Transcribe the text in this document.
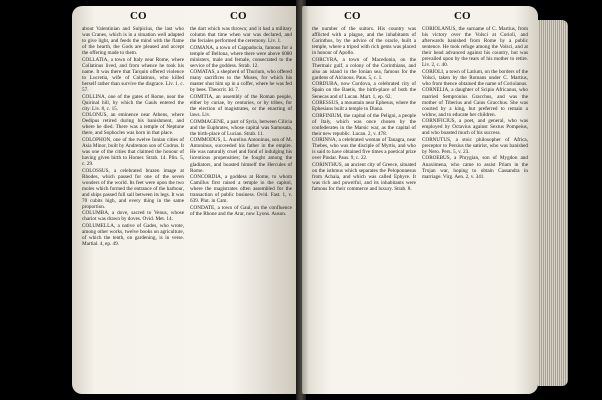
CO	CO

about Valentinian and Sulpicius, the last who was Cranes, which is in a situation well adapted to give light, and feeds the mind with the flame of the hearth, the Gods are pleased and accept the offering made to them.

COLLATIA, a town of Italy near Rome, where Collatinus lived, and from whence he took his name. It was there that Tarquin offered violence to Lucretia, wife of Collatinus, who killed herself rather than survive the disgrace. Liv. 1. c. 57.

COLLINA, one of the gates of Rome, near the Quirinal hill, by which the Gauls entered the city. Liv. 8, c. 15.

COLONUS, an eminence near Athens, where Oedipus retired during his banishment, and where he died. There was a temple of Neptune there, and Sophocles was born in that place.

COLOPHON, one of the twelve Ionian cities of Asia Minor, built by Andremon son of Codrus. It was one of the cities that claimed the honour of having given birth to Homer. Strab. 14. Plin. 5, c. 29.

COLOSSUS, a celebrated brazen image at Rhodes, which passed for one of the seven wonders of the world. Its feet were upon the two moles which formed the entrance of the harbour, and ships passed full sail between its legs. It was 70 cubits high, and every thing in the same proportion.

COLUMBA, a dove, sacred to Venus, whose chariot was drawn by doves. Ovid. Met. 14.

COLUMELLA, a native of Gades, who wrote, among other works, twelve books on agriculture, of which the tenth, on gardening, is in verse. Martial. 4, ep. 49.

the dart which was thrown; and it had a military column that time when war was declared, and the feciales performed the ceremony. Liv. 1.

COMANA, a town of Cappadocia, famous for a temple of Bellona, where there were above 6000 ministers, male and female, consecrated to the service of the goddess. Strab. 12.

COMATAS, a shepherd of Thurium, who offered many sacrifices to the Muses, for which his master shut him up in a coffer, where he was fed by bees. Theocrit. Id. 7.

COMITIA, an assembly of the Roman people, either by curiae, by centuries, or by tribes, for the election of magistrates, or the enacting of laws. Liv.

COMMAGENE, a part of Syria, between Cilicia and the Euphrates, whose capital was Samosata, the birth-place of Lucian. Strab. 11.

COMMODUS, L. Aurelius Antoninus, son of M. Antoninus, succeeded his father in the empire. He was naturally cruel and fond of indulging his licentious propensities; he fought among the gladiators, and boasted himself the Hercules of Rome.

CONCORDIA, a goddess at Rome, to whom Camillus first raised a temple in the capitol, where the magistrates often assembled for the transaction of public business. Ovid. Fast. 1, v. 639. Plut. in Cam.

CONDATE, a town of Gaul, on the confluence of the Rhone and the Arar, now Lyons. Auson.

CO	CO

the number of the suitors. His country was afflicted with a plague, and the inhabitants of Corinthus, by the advice of the oracle, built a temple, where a tripod with rich gems was placed in honour of Apollo.

CORCYRA, a town of Macedonia, on the Thermaic gulf, a colony of the Corinthians, and also an island in the Ionian sea, famous for the gardens of Alcinous. Paus. 5, c. 1.

CORDUBA, now Cordova, a celebrated city of Spain on the Baetis, the birth-place of both the Senecas and of Lucan. Mart. 1, ep. 62.

CORESSUS, a mountain near Ephesus, where the Ephesians built a temple to Diana.

CORFINIUM, the capital of the Peligni, a people of Italy, which was once chosen by the confederates in the Marsic war, as the capital of their new republic. Lucan. 2, v. 478.

CORINNA, a celebrated woman of Tanagra, near Thebes, who was the disciple of Myrtis, and who is said to have obtained five times a poetical prize over Pindar. Paus. 9, c. 22.

CORINTHUS, an ancient city of Greece, situated on the isthmus which separates the Peloponnesus from Achaia, and which was called Ephyre. It was rich and powerful, and its inhabitants were famous for their commerce and luxury. Strab. 8.

CORIOLANUS, the surname of C. Martius, from his victory over the Volsci at Corioli, and afterwards banished from Rome by a public sentence. He took refuge among the Volsci, and at their head advanced against his country, but was prevailed upon by the tears of his mother to retire. Liv. 2, c. 40.

CORIOLI, a town of Latium, on the borders of the Volsci, taken by the Romans under C. Martius, who from thence obtained the name of Coriolanus.

CORNELIA, a daughter of Scipio Africanus, who married Sempronius Gracchus, and was the mother of Tiberius and Caius Gracchus. She was courted by a king, but preferred to remain a widow, and to educate her children.

CORNIFICIUS, a poet, and general, who was employed by Octavius against Sextus Pompeius, and who boasted much of his success.

CORNUTUS, a stoic philosopher of Africa, preceptor to Persius the satirist, who was banished by Nero. Pers. 5, v. 23.

COROEBUS, a Phrygian, son of Mygdon and Anaximena, who came to assist Priam in the Trojan war, hoping to obtain Cassandra in marriage. Virg. Aen. 2, v. 341.
